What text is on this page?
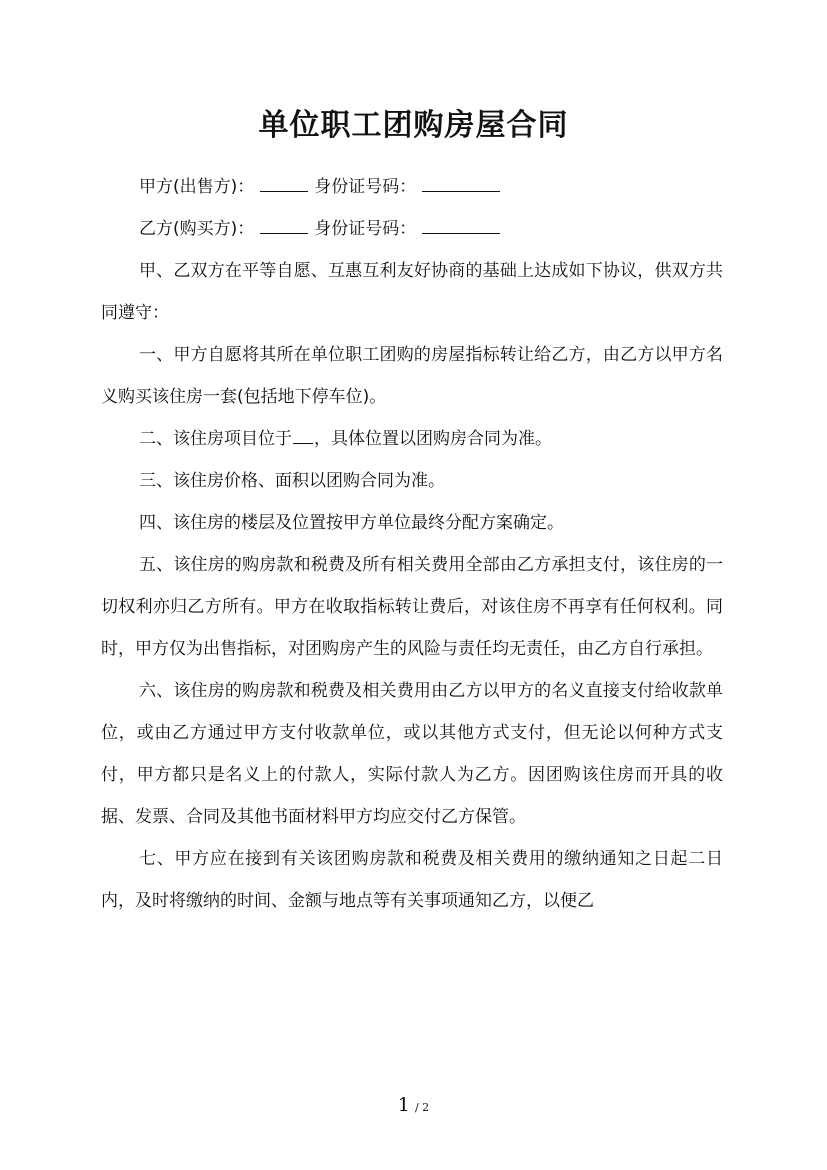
单位职工团购房屋合同

甲方(出售方)：	身份证号码：

乙方(购买方)：	身份证号码：

甲、乙双方在平等自愿、互惠互利友好协商的基础上达成如下协议，供双方共同遵守：

一、甲方自愿将其所在单位职工团购的房屋指标转让给乙方，由乙方以甲方名义购买该住房一套(包括地下停车位)。

二、该住房项目位于 ，具体位置以团购房合同为准。

三、该住房价格、面积以团购合同为准。

四、该住房的楼层及位置按甲方单位最终分配方案确定。

五、该住房的购房款和税费及所有相关费用全部由乙方承担支付，该住房的一切权利亦归乙方所有。甲方在收取指标转让费后，对该住房不再享有任何权利。同时，甲方仅为出售指标，对团购房产生的风险与责任均无责任，由乙方自行承担。

六、该住房的购房款和税费及相关费用由乙方以甲方的名义直接支付给收款单位，或由乙方通过甲方支付收款单位，或以其他方式支付，但无论以何种方式支付，甲方都只是名义上的付款人，实际付款人为乙方。因团购该住房而开具的收据、发票、合同及其他书面材料甲方均应交付乙方保管。

七、甲方应在接到有关该团购房款和税费及相关费用的缴纳通知之日起二日内，及时将缴纳的时间、金额与地点等有关事项通知乙方，以便乙

1 / 2
